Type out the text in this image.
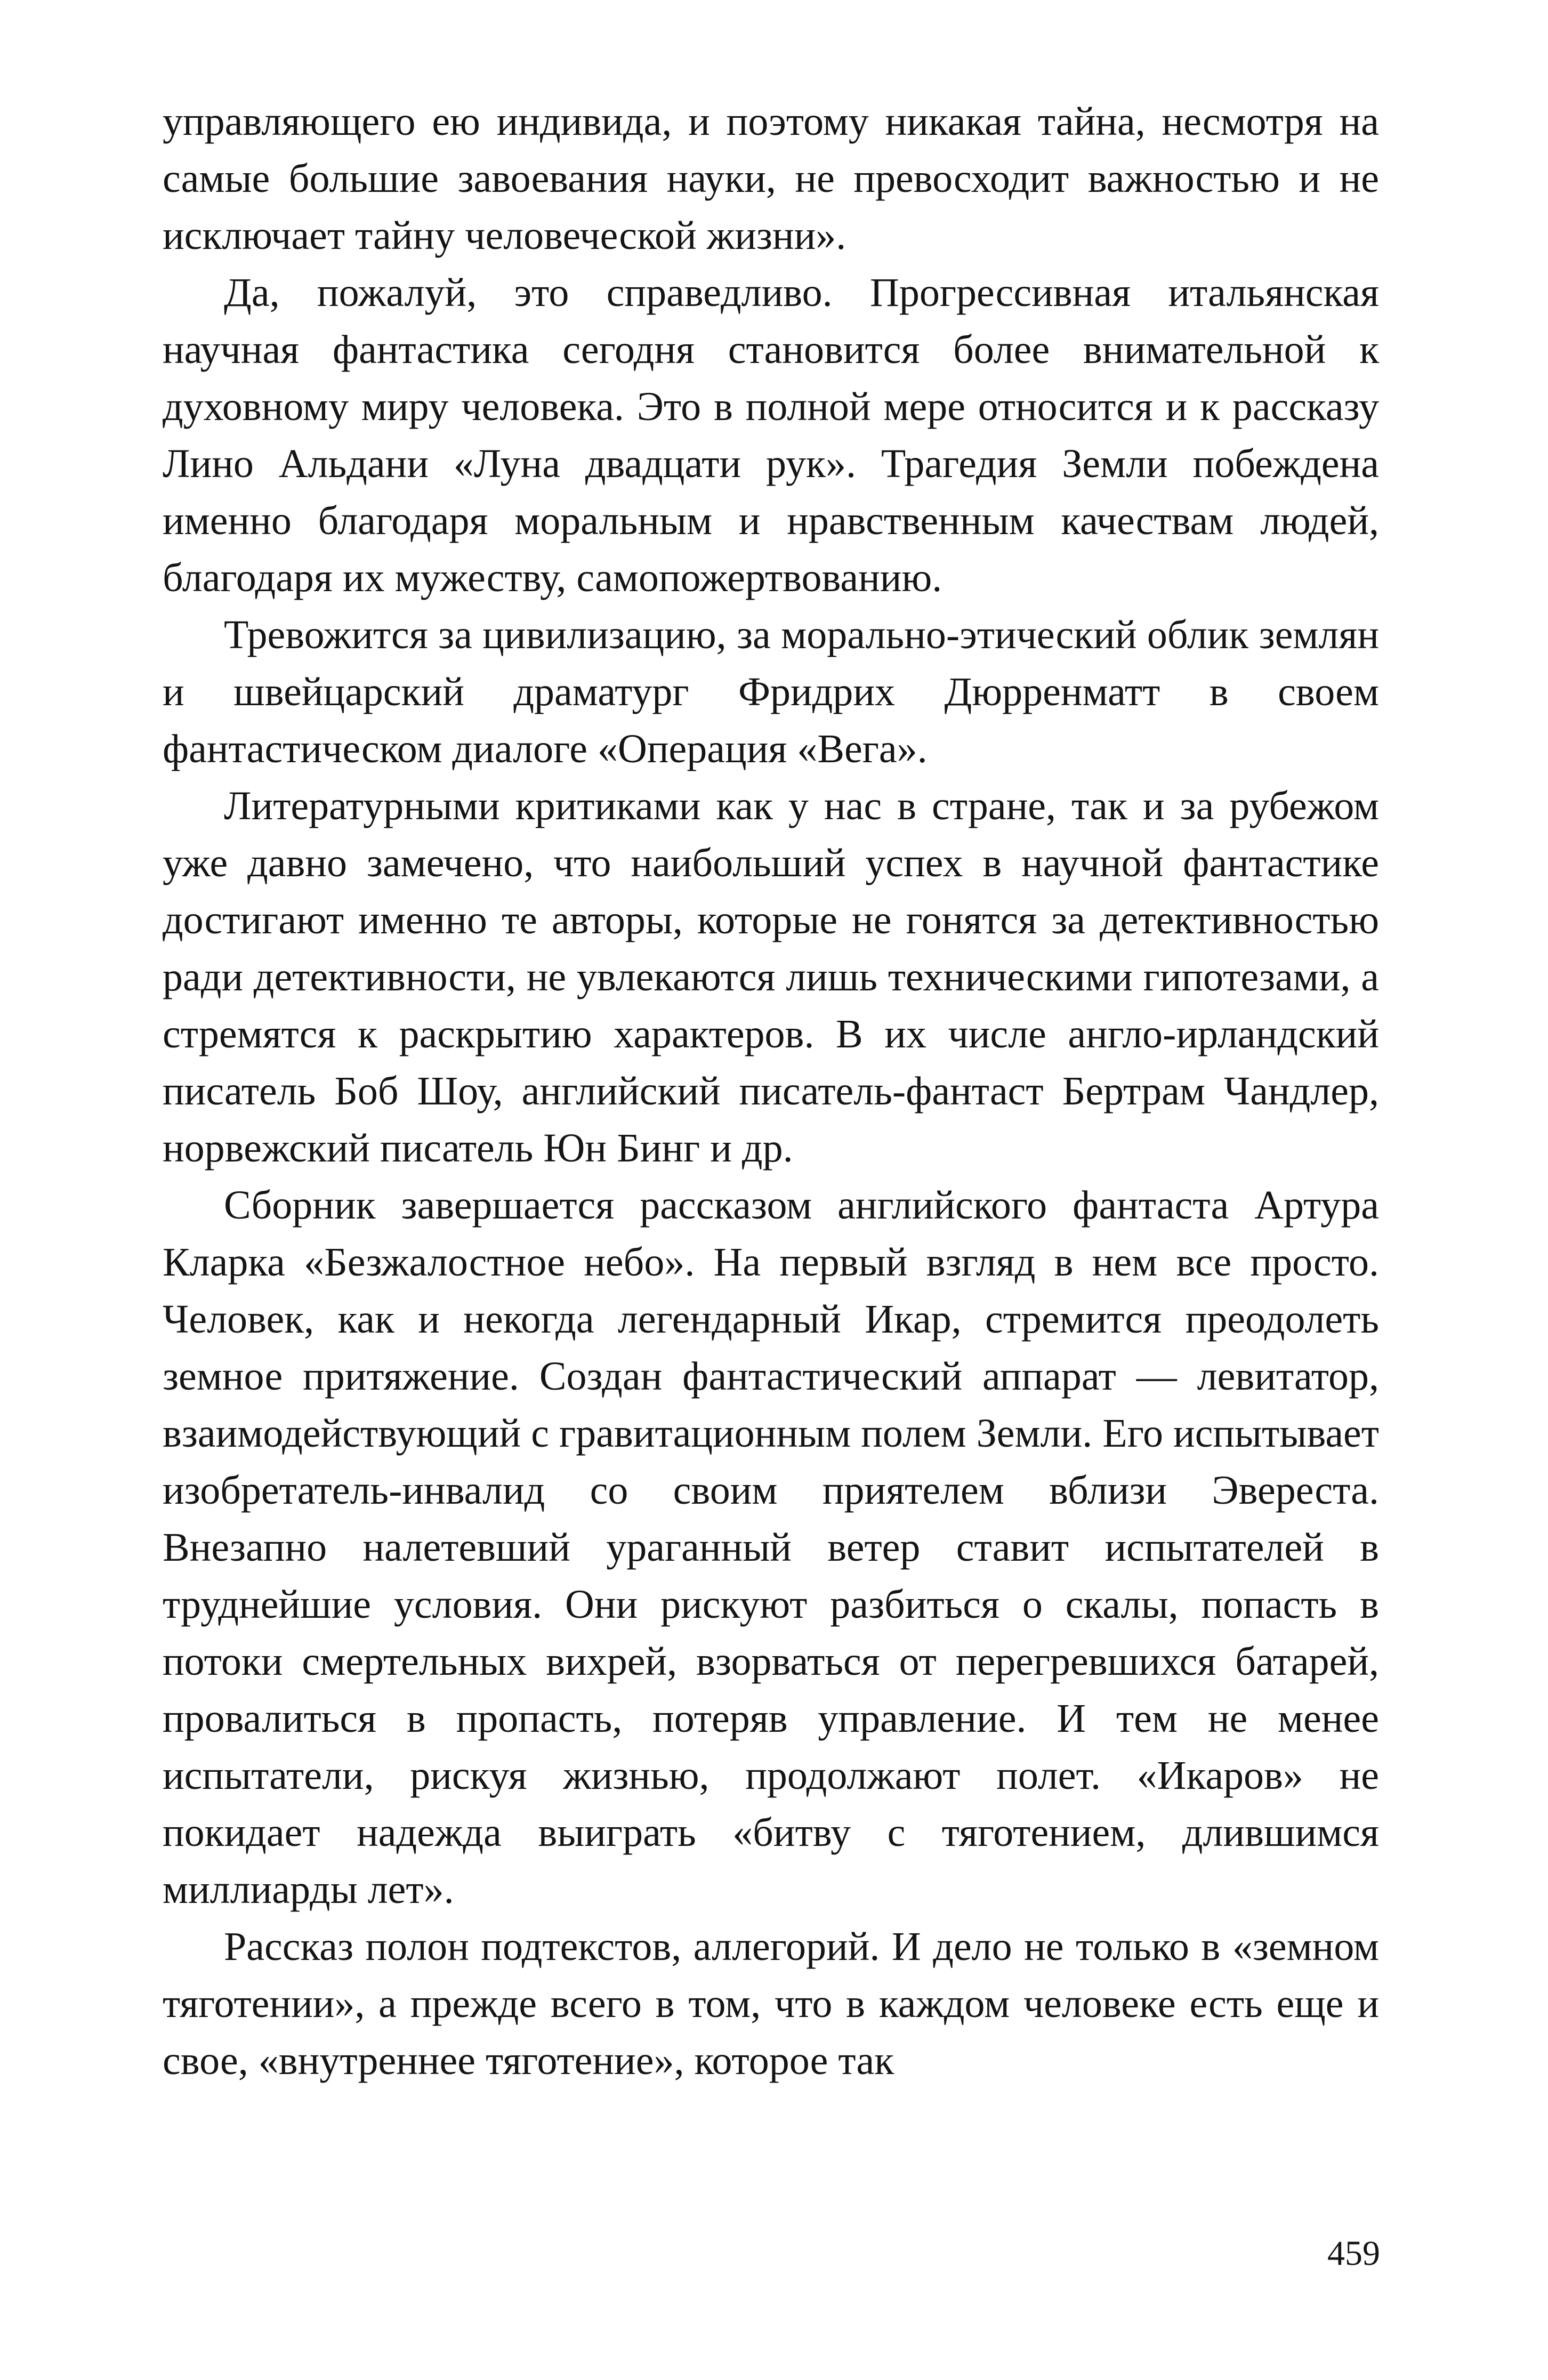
управляющего ею индивида, и поэтому никакая тайна, несмотря на самые большие завоевания науки, не превосходит важностью и не исключает тайну человеческой жизни».

Да, пожалуй, это справедливо. Прогрессивная итальянская научная фантастика сегодня становится более внимательной к духовному миру человека. Это в полной мере относится и к рассказу Лино Альдани «Луна двадцати рук». Трагедия Земли побеждена именно благодаря моральным и нравственным качествам людей, благодаря их мужеству, самопожертвованию.

Тревожится за цивилизацию, за морально-этический облик землян и швейцарский драматург Фридрих Дюрренматт в своем фантастическом диалоге «Операция «Вега».

Литературными критиками как у нас в стране, так и за рубежом уже давно замечено, что наибольший успех в научной фантастике достигают именно те авторы, которые не гонятся за детективностью ради детективности, не увлекаются лишь техническими гипотезами, а стремятся к раскрытию характеров. В их числе англо-ирландский писатель Боб Шоу, английский писатель-фантаст Бертрам Чандлер, норвежский писатель Юн Бинг и др.

Сборник завершается рассказом английского фантаста Артура Кларка «Безжалостное небо». На первый взгляд в нем все просто. Человек, как и некогда легендарный Икар, стремится преодолеть земное притяжение. Создан фантастический аппарат — левитатор, взаимодействующий с гравитационным полем Земли. Его испытывает изобретатель-инвалид со своим приятелем вблизи Эвереста. Внезапно налетевший ураганный ветер ставит испытателей в труднейшие условия. Они рискуют разбиться о скалы, попасть в потоки смертельных вихрей, взорваться от перегревшихся батарей, провалиться в пропасть, потеряв управление. И тем не менее испытатели, рискуя жизнью, продолжают полет. «Икаров» не покидает надежда выиграть «битву с тяготением, длившимся миллиарды лет».

Рассказ полон подтекстов, аллегорий. И дело не только в «земном тяготении», а прежде всего в том, что в каждом человеке есть еще и свое, «внутреннее тяготение», которое так

459
